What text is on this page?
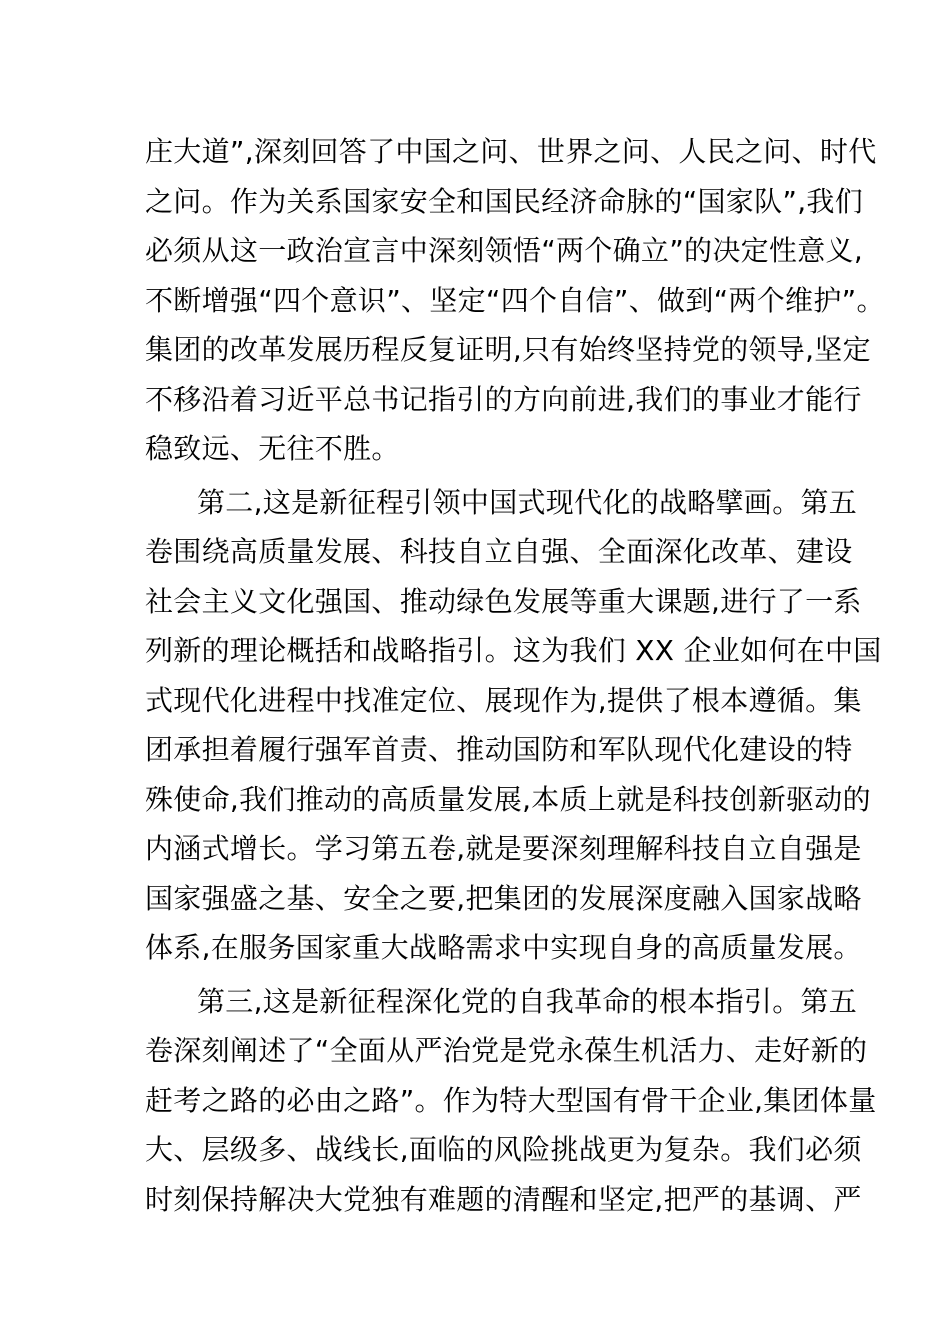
庄大道”,深刻回答了中国之问、世界之问、人民之问、时代
之问。作为关系国家安全和国民经济命脉的“国家队”,我们
必须从这一政治宣言中深刻领悟“两个确立”的决定性意义,
不断增强“四个意识”、坚定“四个自信”、做到“两个维护”。
集团的改革发展历程反复证明,只有始终坚持党的领导,坚定
不移沿着习近平总书记指引的方向前进,我们的事业才能行
稳致远、无往不胜。
第二,这是新征程引领中国式现代化的战略擘画。第五
卷围绕高质量发展、科技自立自强、全面深化改革、建设
社会主义文化强国、推动绿色发展等重大课题,进行了一系
列新的理论概括和战略指引。这为我们 XX 企业如何在中国
式现代化进程中找准定位、展现作为,提供了根本遵循。集
团承担着履行强军首责、推动国防和军队现代化建设的特
殊使命,我们推动的高质量发展,本质上就是科技创新驱动的
内涵式增长。学习第五卷,就是要深刻理解科技自立自强是
国家强盛之基、安全之要,把集团的发展深度融入国家战略
体系,在服务国家重大战略需求中实现自身的高质量发展。
第三,这是新征程深化党的自我革命的根本指引。第五
卷深刻阐述了“全面从严治党是党永葆生机活力、走好新的
赶考之路的必由之路”。作为特大型国有骨干企业,集团体量
大、层级多、战线长,面临的风险挑战更为复杂。我们必须
时刻保持解决大党独有难题的清醒和坚定,把严的基调、严
